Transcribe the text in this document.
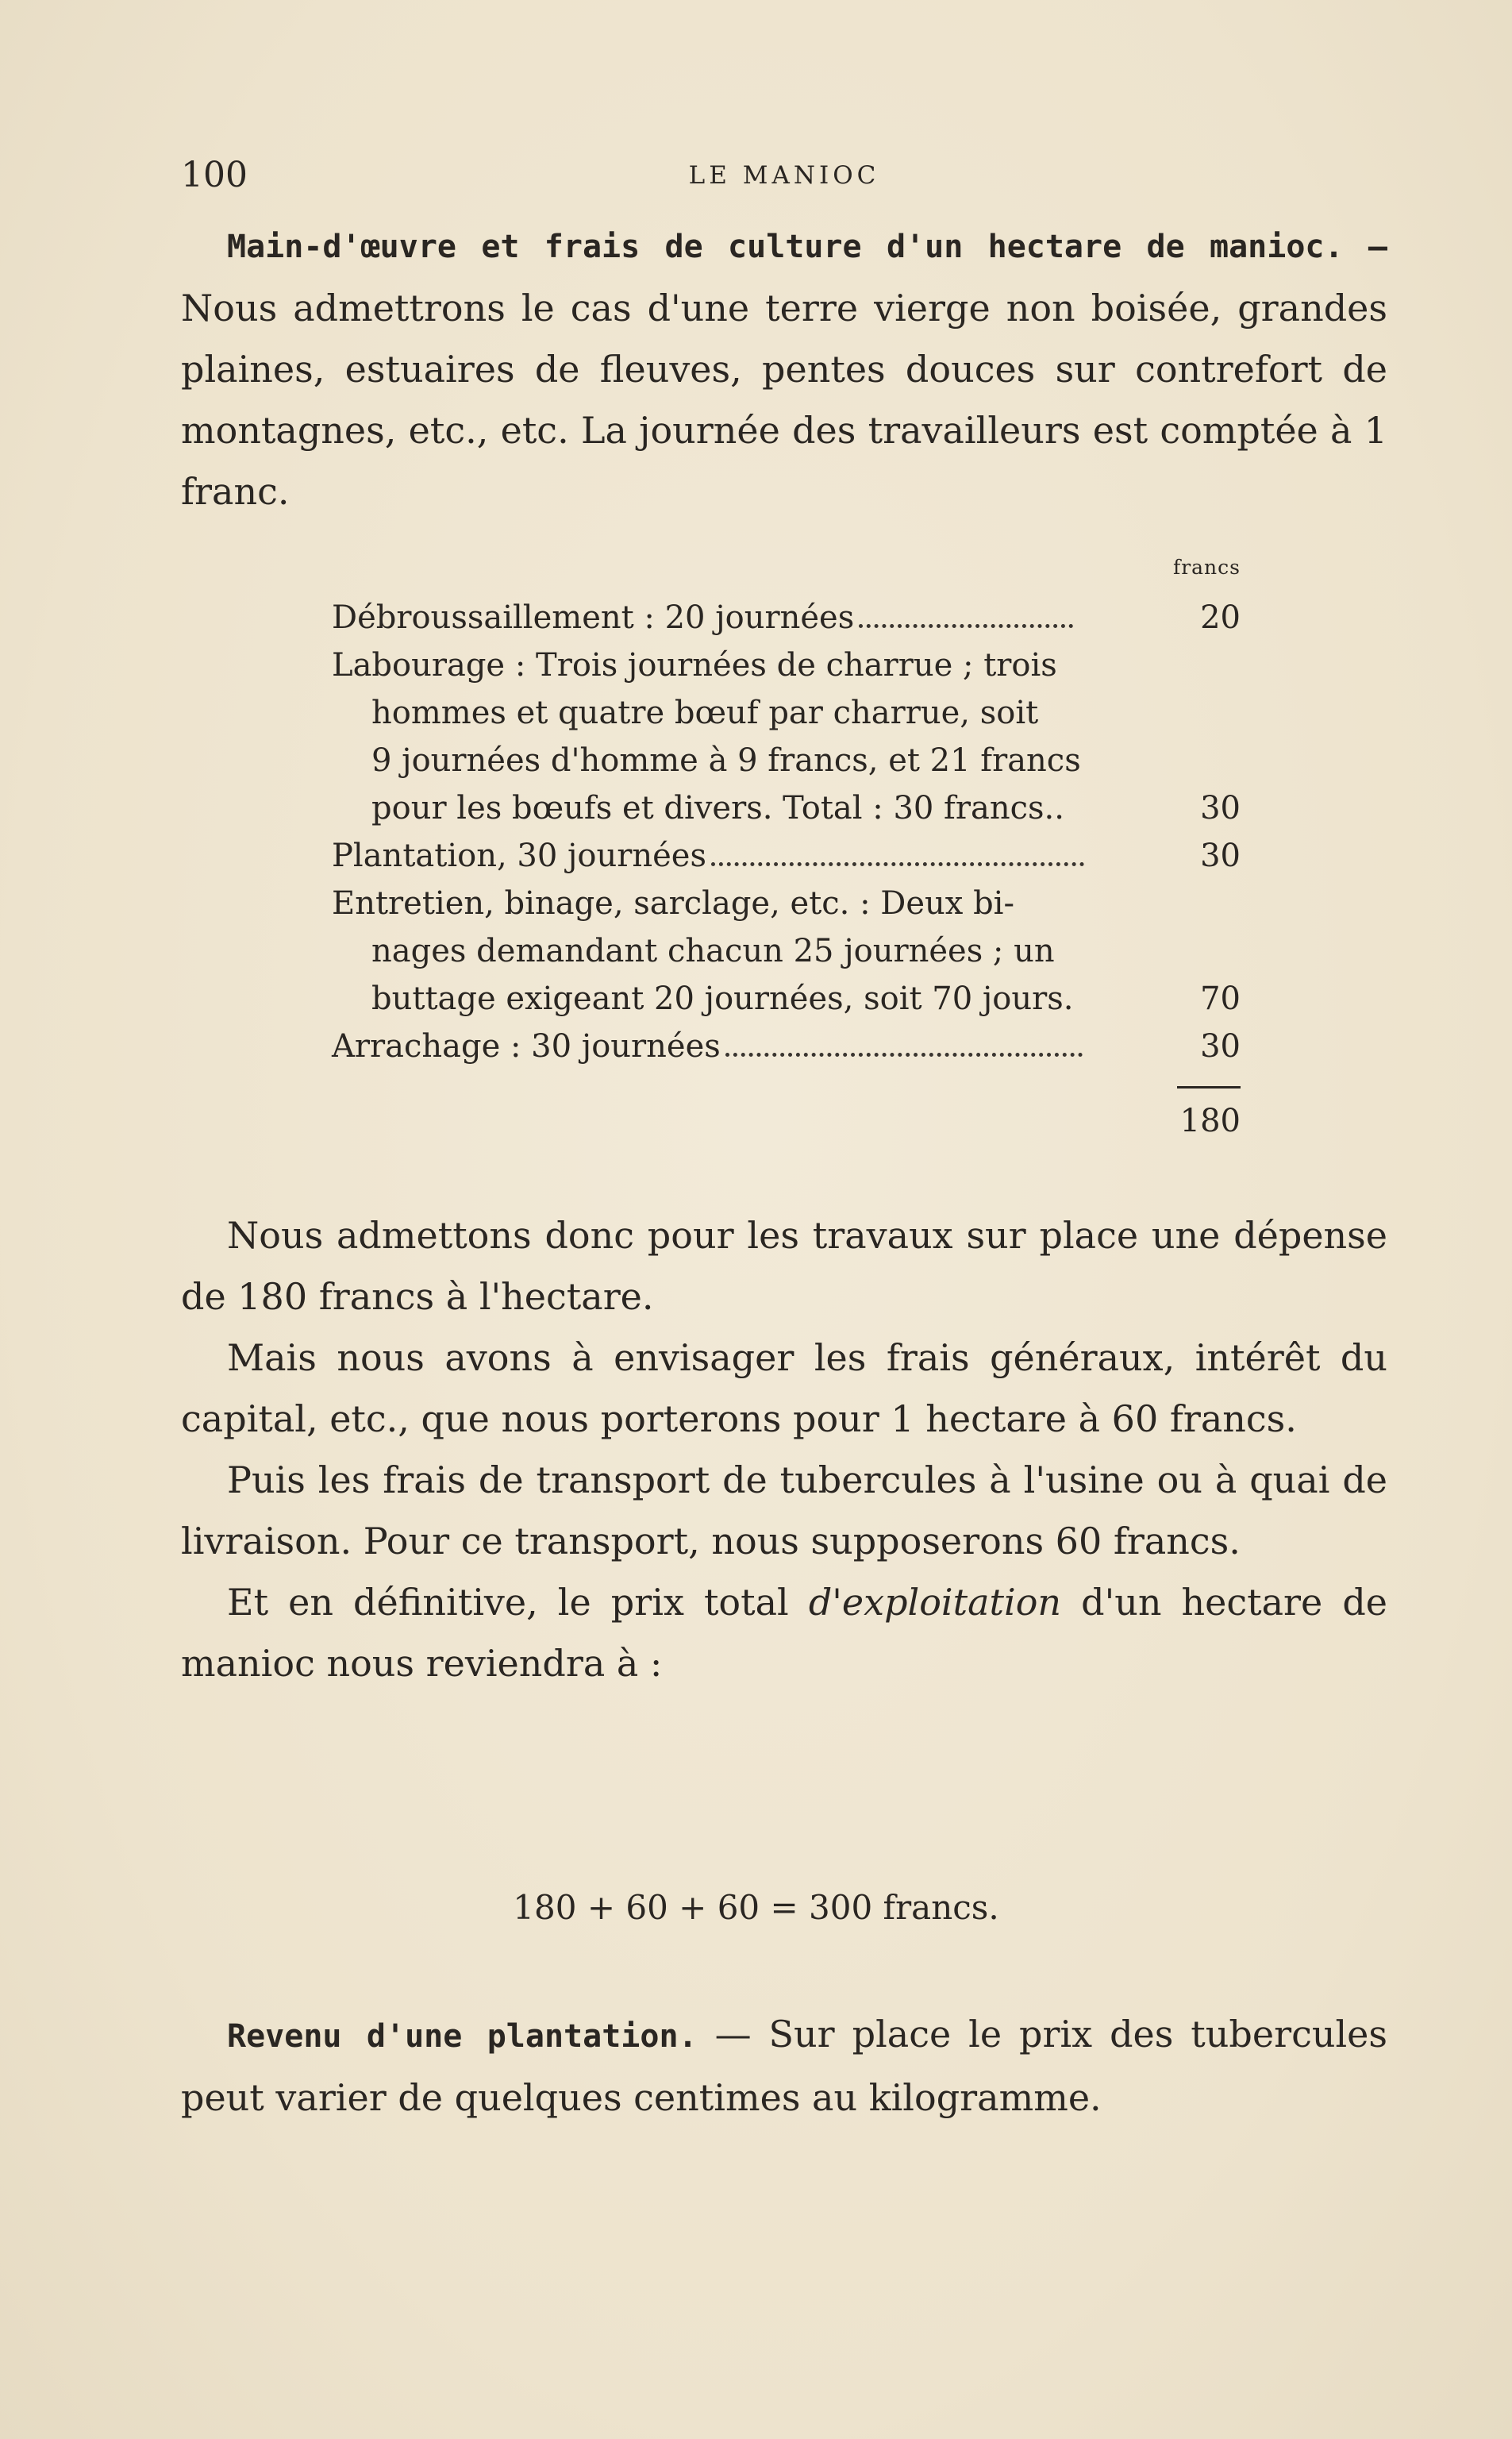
100	LE MANIOC

Main-d'œuvre et frais de culture d'un hectare de manioc. — Nous admettrons le cas d'une terre vierge non boisée, grandes plaines, estuaires de fleuves, pentes douces sur contrefort de montagnes, etc., etc. La journée des travailleurs est comptée à 1 franc.

francs

Débroussaillement : 20 journées	20

Labourage : Trois journées de charrue ; trois
hommes et quatre bœuf par charrue, soit
9 journées d'homme à 9 francs, et 21 francs
pour les bœufs et divers. Total : 30 francs..	30

Plantation, 30 journées	30

Entretien, binage, sarclage, etc. : Deux bi-
nages demandant chacun 25 journées ; un
buttage exigeant 20 journées, soit 70 jours.	70

Arrachage : 30 journées	30
180

Nous admettons donc pour les travaux sur place une dépense de 180 francs à l'hectare.

Mais nous avons à envisager les frais généraux, intérêt du capital, etc., que nous porterons pour 1 hectare à 60 francs.

Puis les frais de transport de tubercules à l'usine ou à quai de livraison. Pour ce transport, nous supposerons 60 francs.

Et en définitive, le prix total d'exploitation d'un hectare de manioc nous reviendra à :

180 + 60 + 60 = 300 francs.

Revenu d'une plantation. — Sur place le prix des tubercules peut varier de quelques centimes au kilogramme.
